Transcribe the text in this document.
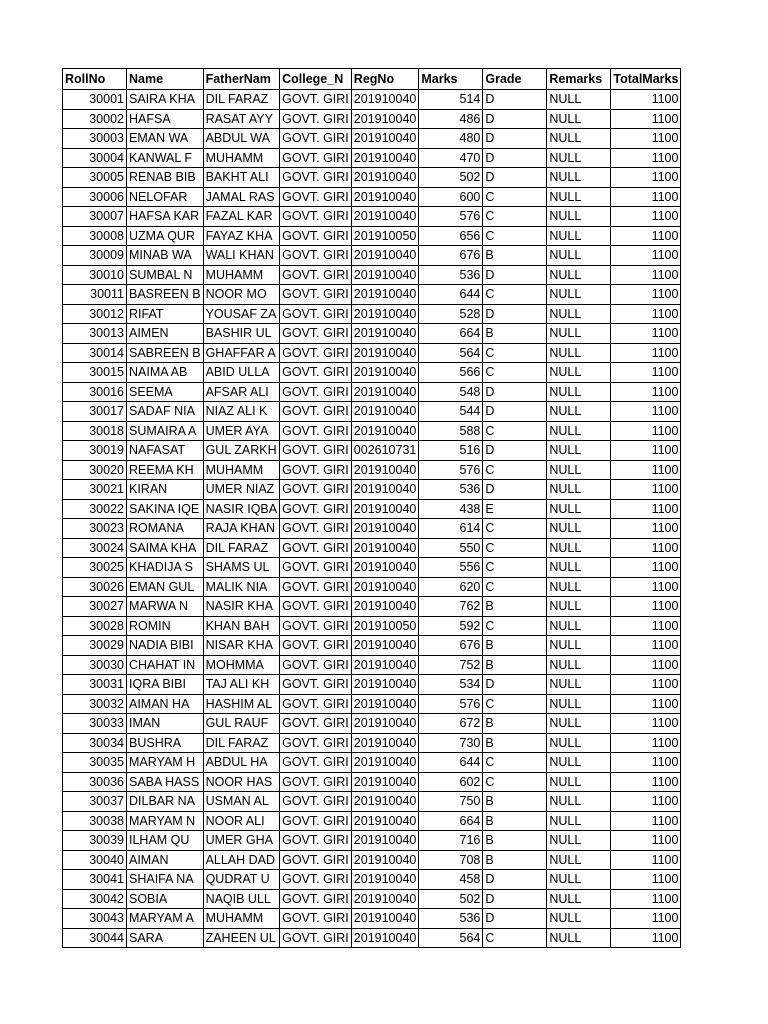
RollNo	Name	FatherNam	College_N	RegNo	Marks	Grade	Remarks	TotalMarks
30001	SAIRA KHA	DIL FARAZ	GOVT. GIRI	201910040	514	D	NULL	1100
30002	HAFSA	RASAT AYY	GOVT. GIRI	201910040	486	D	NULL	1100
30003	EMAN WA	ABDUL WA	GOVT. GIRI	201910040	480	D	NULL	1100
30004	KANWAL F	MUHAMM	GOVT. GIRI	201910040	470	D	NULL	1100
30005	RENAB BIB	BAKHT ALI	GOVT. GIRI	201910040	502	D	NULL	1100
30006	NELOFAR	JAMAL RAS	GOVT. GIRI	201910040	600	C	NULL	1100
30007	HAFSA KAR	FAZAL KAR	GOVT. GIRI	201910040	576	C	NULL	1100
30008	UZMA QUR	FAYAZ KHA	GOVT. GIRI	201910050	656	C	NULL	1100
30009	MINAB WA	WALI KHAN	GOVT. GIRI	201910040	676	B	NULL	1100
30010	SUMBAL N	MUHAMM	GOVT. GIRI	201910040	536	D	NULL	1100
30011	BASREEN B	NOOR MO	GOVT. GIRI	201910040	644	C	NULL	1100
30012	RIFAT	YOUSAF ZA	GOVT. GIRI	201910040	528	D	NULL	1100
30013	AIMEN	BASHIR UL	GOVT. GIRI	201910040	664	B	NULL	1100
30014	SABREEN B	GHAFFAR A	GOVT. GIRI	201910040	564	C	NULL	1100
30015	NAIMA AB	ABID ULLA	GOVT. GIRI	201910040	566	C	NULL	1100
30016	SEEMA	AFSAR ALI	GOVT. GIRI	201910040	548	D	NULL	1100
30017	SADAF NIA	NIAZ ALI K	GOVT. GIRI	201910040	544	D	NULL	1100
30018	SUMAIRA A	UMER AYA	GOVT. GIRI	201910040	588	C	NULL	1100
30019	NAFASAT	GUL ZARKH	GOVT. GIRI	002610731	516	D	NULL	1100
30020	REEMA KH	MUHAMM	GOVT. GIRI	201910040	576	C	NULL	1100
30021	KIRAN	UMER NIAZ	GOVT. GIRI	201910040	536	D	NULL	1100
30022	SAKINA IQE	NASIR IQBA	GOVT. GIRI	201910040	438	E	NULL	1100
30023	ROMANA	RAJA KHAN	GOVT. GIRI	201910040	614	C	NULL	1100
30024	SAIMA KHA	DIL FARAZ	GOVT. GIRI	201910040	550	C	NULL	1100
30025	KHADIJA S	SHAMS UL	GOVT. GIRI	201910040	556	C	NULL	1100
30026	EMAN GUL	MALIK NIA	GOVT. GIRI	201910040	620	C	NULL	1100
30027	MARWA N	NASIR KHA	GOVT. GIRI	201910040	762	B	NULL	1100
30028	ROMIN	KHAN BAH	GOVT. GIRI	201910050	592	C	NULL	1100
30029	NADIA BIBI	NISAR KHA	GOVT. GIRI	201910040	676	B	NULL	1100
30030	CHAHAT IN	MOHMMA	GOVT. GIRI	201910040	752	B	NULL	1100
30031	IQRA BIBI	TAJ ALI KH	GOVT. GIRI	201910040	534	D	NULL	1100
30032	AIMAN HA	HASHIM AL	GOVT. GIRI	201910040	576	C	NULL	1100
30033	IMAN	GUL RAUF	GOVT. GIRI	201910040	672	B	NULL	1100
30034	BUSHRA	DIL FARAZ	GOVT. GIRI	201910040	730	B	NULL	1100
30035	MARYAM H	ABDUL HA	GOVT. GIRI	201910040	644	C	NULL	1100
30036	SABA HASS	NOOR HAS	GOVT. GIRI	201910040	602	C	NULL	1100
30037	DILBAR NA	USMAN AL	GOVT. GIRI	201910040	750	B	NULL	1100
30038	MARYAM N	NOOR ALI	GOVT. GIRI	201910040	664	B	NULL	1100
30039	ILHAM QU	UMER GHA	GOVT. GIRI	201910040	716	B	NULL	1100
30040	AIMAN	ALLAH DAD	GOVT. GIRI	201910040	708	B	NULL	1100
30041	SHAIFA NA	QUDRAT U	GOVT. GIRI	201910040	458	D	NULL	1100
30042	SOBIA	NAQIB ULL	GOVT. GIRI	201910040	502	D	NULL	1100
30043	MARYAM A	MUHAMM	GOVT. GIRI	201910040	536	D	NULL	1100
30044	SARA	ZAHEEN UL	GOVT. GIRI	201910040	564	C	NULL	1100
